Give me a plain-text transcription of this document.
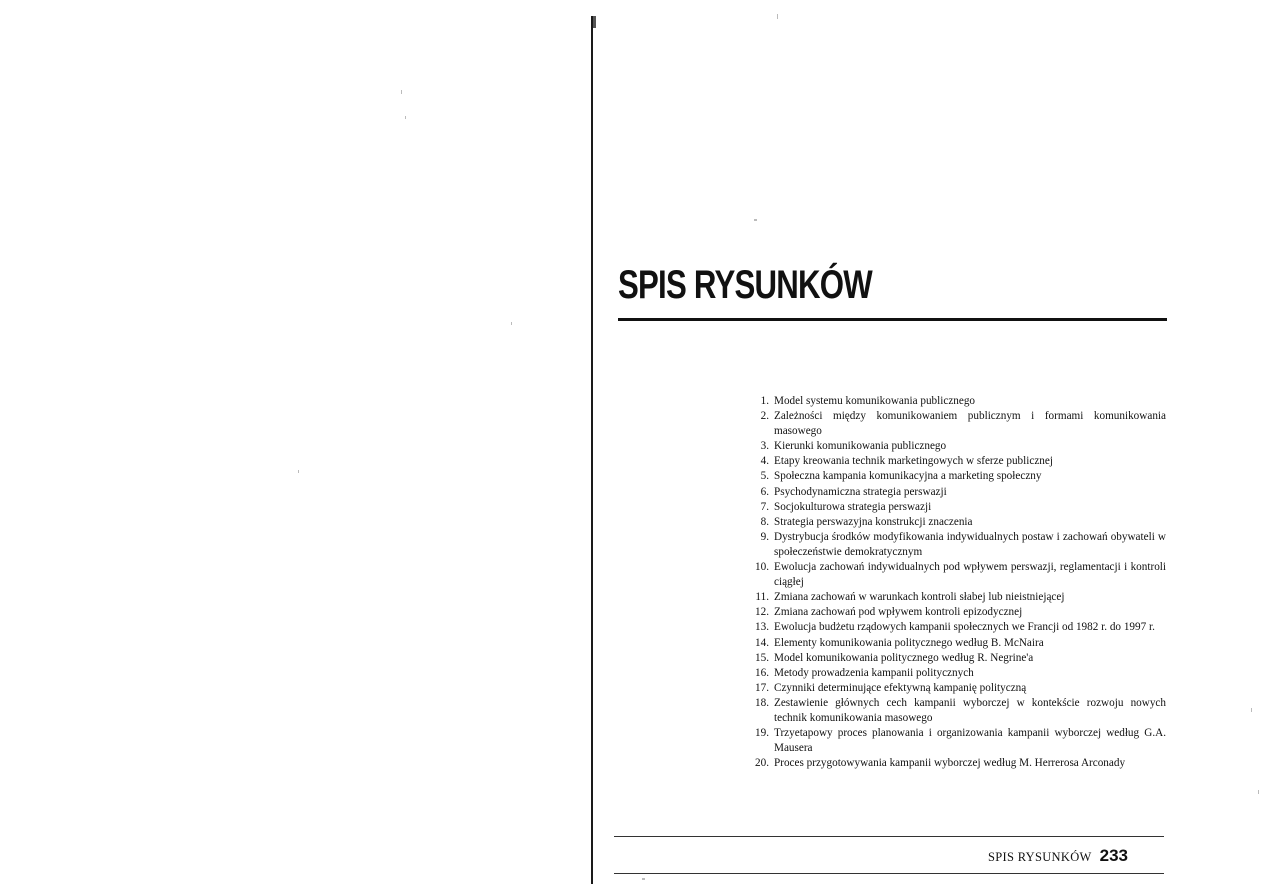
SPIS RYSUNKÓW
1. Model systemu komunikowania publicznego
2. Zależności między komunikowaniem publicznym i formami komunikowania masowego
3. Kierunki komunikowania publicznego
4. Etapy kreowania technik marketingowych w sferze publicznej
5. Społeczna kampania komunikacyjna a marketing społeczny
6. Psychodynamiczna strategia perswazji
7. Socjokulturowa strategia perswazji
8. Strategia perswazyjna konstrukcji znaczenia
9. Dystrybucja środków modyfikowania indywidualnych postaw i zachowań obywateli w społeczeństwie demokratycznym
10. Ewolucja zachowań indywidualnych pod wpływem perswazji, reglamentacji i kontroli ciągłej
11. Zmiana zachowań w warunkach kontroli słabej lub nieistniejącej
12. Zmiana zachowań pod wpływem kontroli epizodycznej
13. Ewolucja budżetu rządowych kampanii społecznych we Francji od 1982 r. do 1997 r.
14. Elementy komunikowania politycznego według B. McNaira
15. Model komunikowania politycznego według R. Negrine'a
16. Metody prowadzenia kampanii politycznych
17. Czynniki determinujące efektywną kampanię polityczną
18. Zestawienie głównych cech kampanii wyborczej w kontekście rozwoju nowych technik komunikowania masowego
19. Trzyetapowy proces planowania i organizowania kampanii wyborczej według G.A. Mausera
20. Proces przygotowywania kampanii wyborczej według M. Herrerosa Arconady
SPIS RYSUNKÓW 233
